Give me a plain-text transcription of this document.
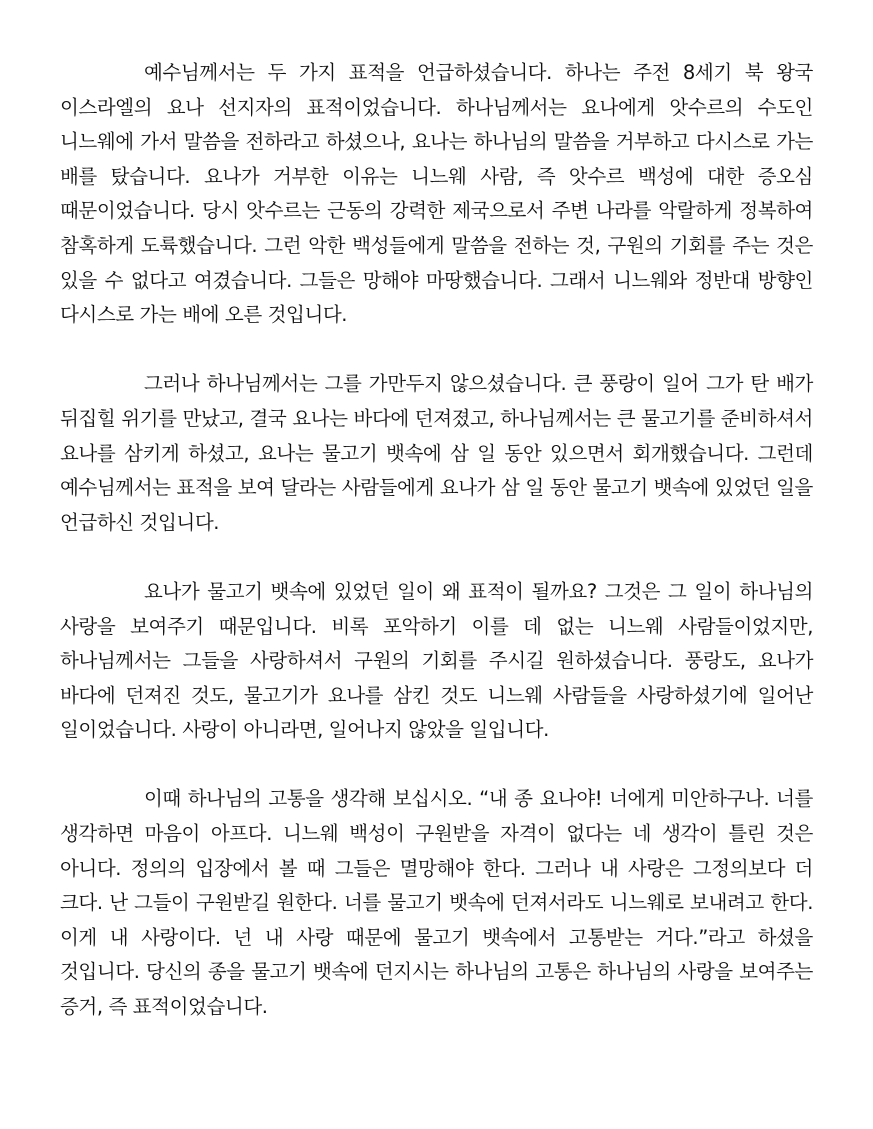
예수님께서는 두 가지 표적을 언급하셨습니다. 하나는 주전 8세기 북 왕국 이스라엘의 요나 선지자의 표적이었습니다. 하나님께서는 요나에게 앗수르의 수도인 니느웨에 가서 말씀을 전하라고 하셨으나, 요나는 하나님의 말씀을 거부하고 다시스로 가는 배를 탔습니다. 요나가 거부한 이유는 니느웨 사람, 즉 앗수르 백성에 대한 증오심 때문이었습니다. 당시 앗수르는 근동의 강력한 제국으로서 주변 나라를 악랄하게 정복하여 참혹하게 도륙했습니다. 그런 악한 백성들에게 말씀을 전하는 것, 구원의 기회를 주는 것은 있을 수 없다고 여겼습니다. 그들은 망해야 마땅했습니다. 그래서 니느웨와 정반대 방향인 다시스로 가는 배에 오른 것입니다.

그러나 하나님께서는 그를 가만두지 않으셨습니다. 큰 풍랑이 일어 그가 탄 배가 뒤집힐 위기를 만났고, 결국 요나는 바다에 던져졌고, 하나님께서는 큰 물고기를 준비하셔서 요나를 삼키게 하셨고, 요나는 물고기 뱃속에 삼 일 동안 있으면서 회개했습니다. 그런데 예수님께서는 표적을 보여 달라는 사람들에게 요나가 삼 일 동안 물고기 뱃속에 있었던 일을 언급하신 것입니다.

요나가 물고기 뱃속에 있었던 일이 왜 표적이 될까요? 그것은 그 일이 하나님의 사랑을 보여주기 때문입니다. 비록 포악하기 이를 데 없는 니느웨 사람들이었지만, 하나님께서는 그들을 사랑하셔서 구원의 기회를 주시길 원하셨습니다. 풍랑도, 요나가 바다에 던져진 것도, 물고기가 요나를 삼킨 것도 니느웨 사람들을 사랑하셨기에 일어난 일이었습니다. 사랑이 아니라면, 일어나지 않았을 일입니다.

이때 하나님의 고통을 생각해 보십시오. “내 종 요나야! 너에게 미안하구나. 너를 생각하면 마음이 아프다. 니느웨 백성이 구원받을 자격이 없다는 네 생각이 틀린 것은 아니다. 정의의 입장에서 볼 때 그들은 멸망해야 한다. 그러나 내 사랑은 그정의보다 더 크다. 난 그들이 구원받길 원한다. 너를 물고기 뱃속에 던져서라도 니느웨로 보내려고 한다. 이게 내 사랑이다. 넌 내 사랑 때문에 물고기 뱃속에서 고통받는 거다.”라고 하셨을 것입니다. 당신의 종을 물고기 뱃속에 던지시는 하나님의 고통은 하나님의 사랑을 보여주는 증거, 즉 표적이었습니다.
